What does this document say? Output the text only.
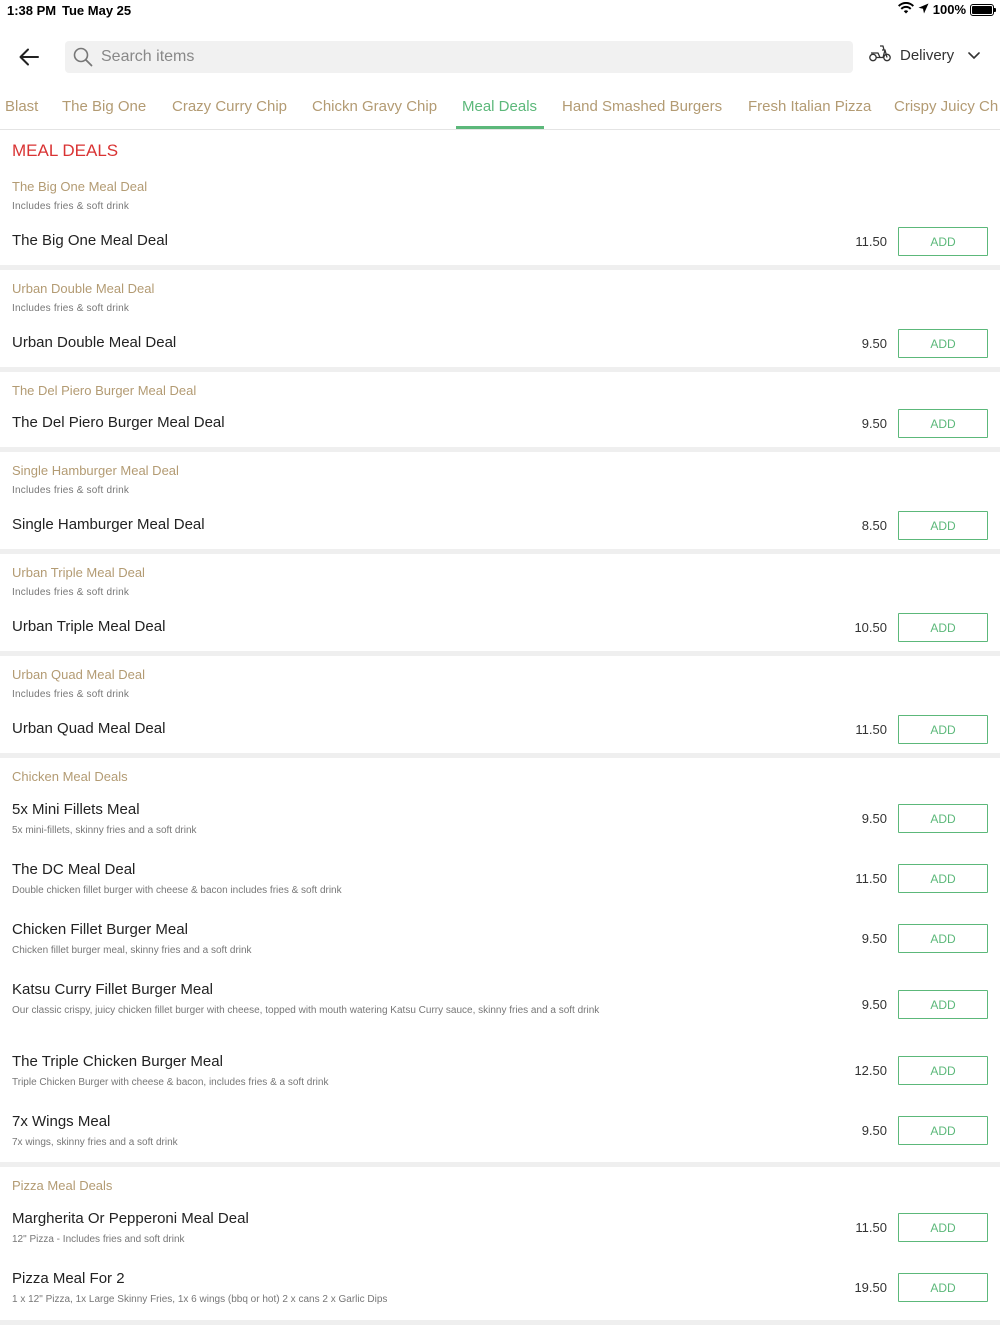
1:38 PM Tue May 25	100%
Search items
Delivery
Blast The Big One Crazy Curry Chip Chickn Gravy Chip Meal Deals Hand Smashed Burgers Fresh Italian Pizza Crispy Juicy Ch
MEAL DEALS
The Big One Meal Deal
Includes fries & soft drink
The Big One Meal Deal	11.50	ADD
Urban Double Meal Deal
Includes fries & soft drink
Urban Double Meal Deal	9.50	ADD
The Del Piero Burger Meal Deal
The Del Piero Burger Meal Deal	9.50	ADD
Single Hamburger Meal Deal
Includes fries & soft drink
Single Hamburger Meal Deal	8.50	ADD
Urban Triple Meal Deal
Includes fries & soft drink
Urban Triple Meal Deal	10.50	ADD
Urban Quad Meal Deal
Includes fries & soft drink
Urban Quad Meal Deal	11.50	ADD
Chicken Meal Deals
5x Mini Fillets Meal
5x mini-fillets, skinny fries and a soft drink
9.50	ADD
The DC Meal Deal
Double chicken fillet burger with cheese & bacon includes fries & soft drink
11.50	ADD
Chicken Fillet Burger Meal
Chicken fillet burger meal, skinny fries and a soft drink
9.50	ADD
Katsu Curry Fillet Burger Meal
Our classic crispy, juicy chicken fillet burger with cheese, topped with mouth watering Katsu Curry sauce, skinny fries and a soft drink	9.50	ADD
The Triple Chicken Burger Meal
Triple Chicken Burger with cheese & bacon, includes fries & a soft drink
12.50	ADD
7x Wings Meal
7x wings, skinny fries and a soft drink
9.50	ADD
Pizza Meal Deals
Margherita Or Pepperoni Meal Deal
12" Pizza - Includes fries and soft drink
11.50	ADD
Pizza Meal For 2
1 x 12" Pizza, 1x Large Skinny Fries, 1x 6 wings (bbq or hot) 2 x cans 2 x Garlic Dips
19.50	ADD
